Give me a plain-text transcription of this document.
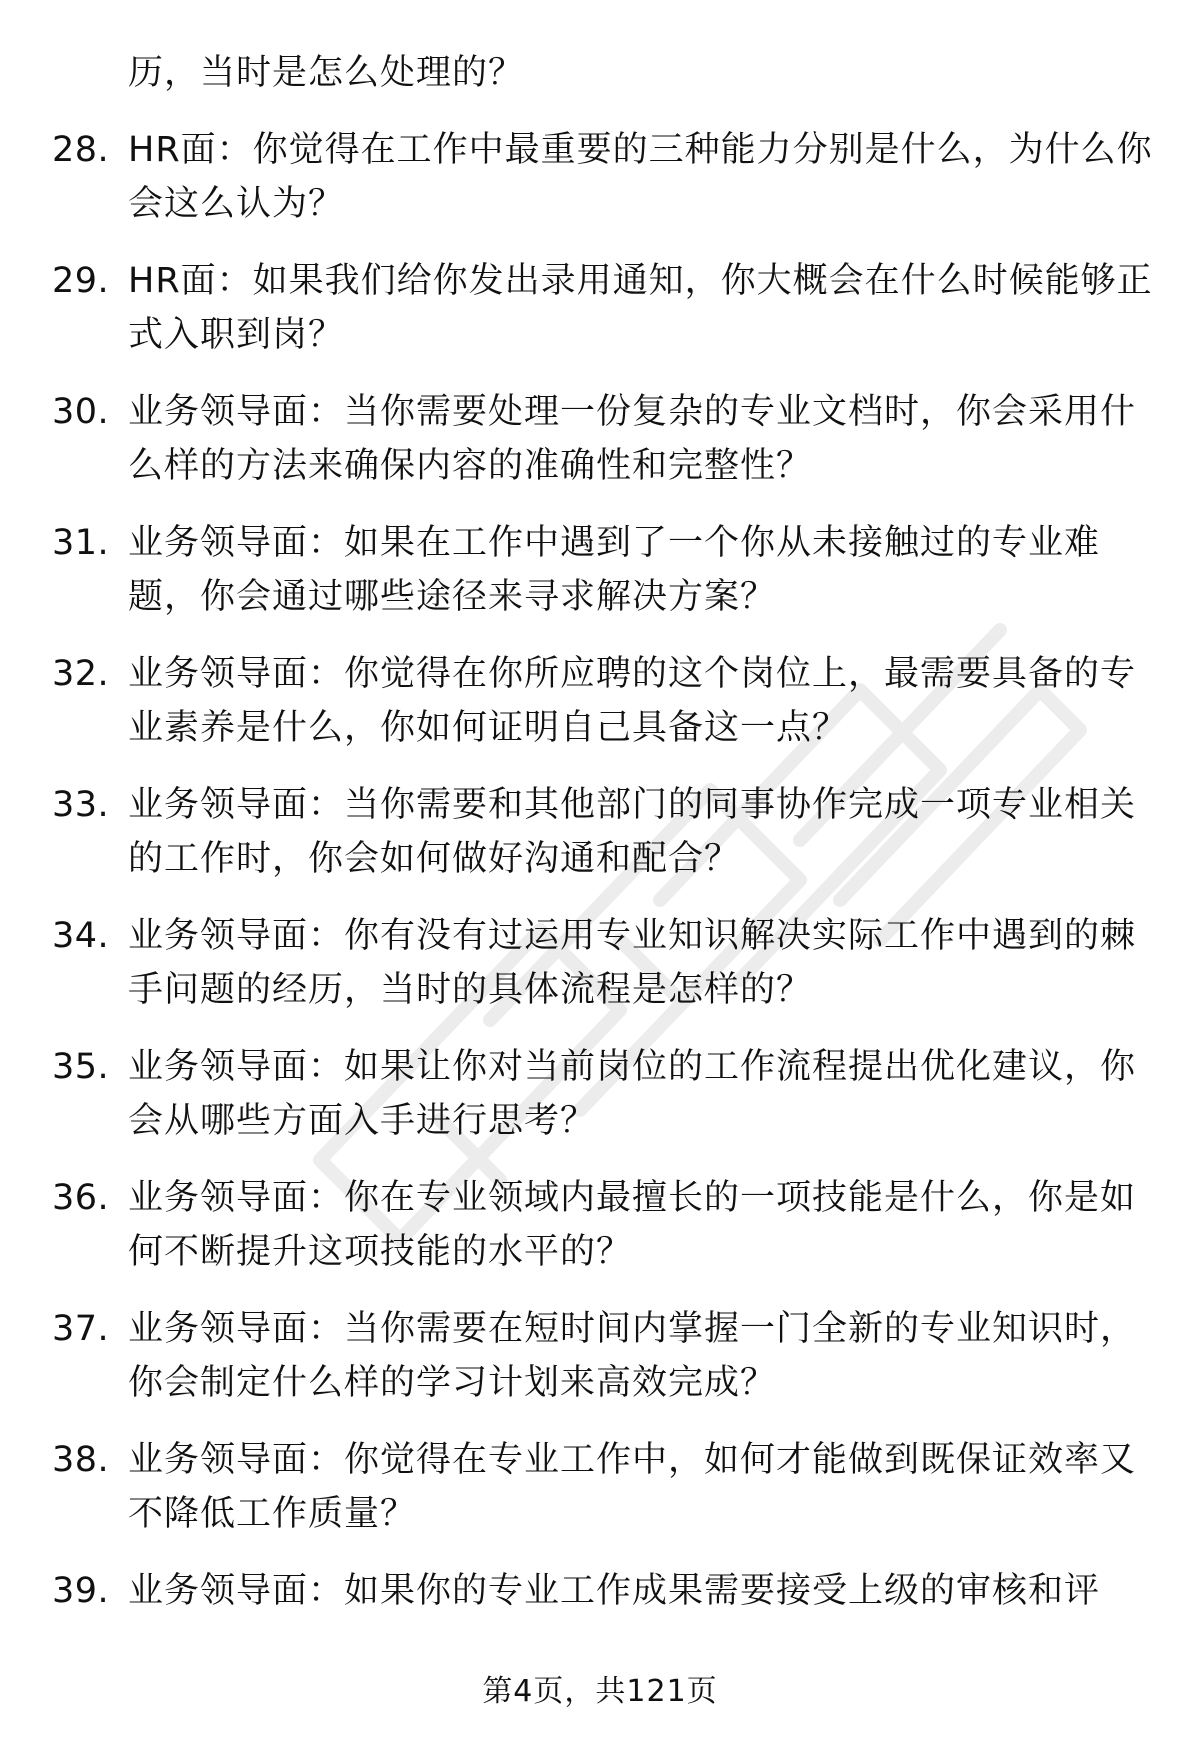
历，当时是怎么处理的？
28. HR面：你觉得在工作中最重要的三种能力分别是什么，为什么你会这么认为？
29. HR面：如果我们给你发出录用通知，你大概会在什么时候能够正式入职到岗？
30. 业务领导面：当你需要处理一份复杂的专业文档时，你会采用什么样的方法来确保内容的准确性和完整性？
31. 业务领导面：如果在工作中遇到了一个你从未接触过的专业难题，你会通过哪些途径来寻求解决方案？
32. 业务领导面：你觉得在你所应聘的这个岗位上，最需要具备的专业素养是什么，你如何证明自己具备这一点？
33. 业务领导面：当你需要和其他部门的同事协作完成一项专业相关的工作时，你会如何做好沟通和配合？
34. 业务领导面：你有没有过运用专业知识解决实际工作中遇到的棘手问题的经历，当时的具体流程是怎样的？
35. 业务领导面：如果让你对当前岗位的工作流程提出优化建议，你会从哪些方面入手进行思考？
36. 业务领导面：你在专业领域内最擅长的一项技能是什么，你是如何不断提升这项技能的水平的？
37. 业务领导面：当你需要在短时间内掌握一门全新的专业知识时，你会制定什么样的学习计划来高效完成？
38. 业务领导面：你觉得在专业工作中，如何才能做到既保证效率又不降低工作质量？
39. 业务领导面：如果你的专业工作成果需要接受上级的审核和评
第4页，共121页
